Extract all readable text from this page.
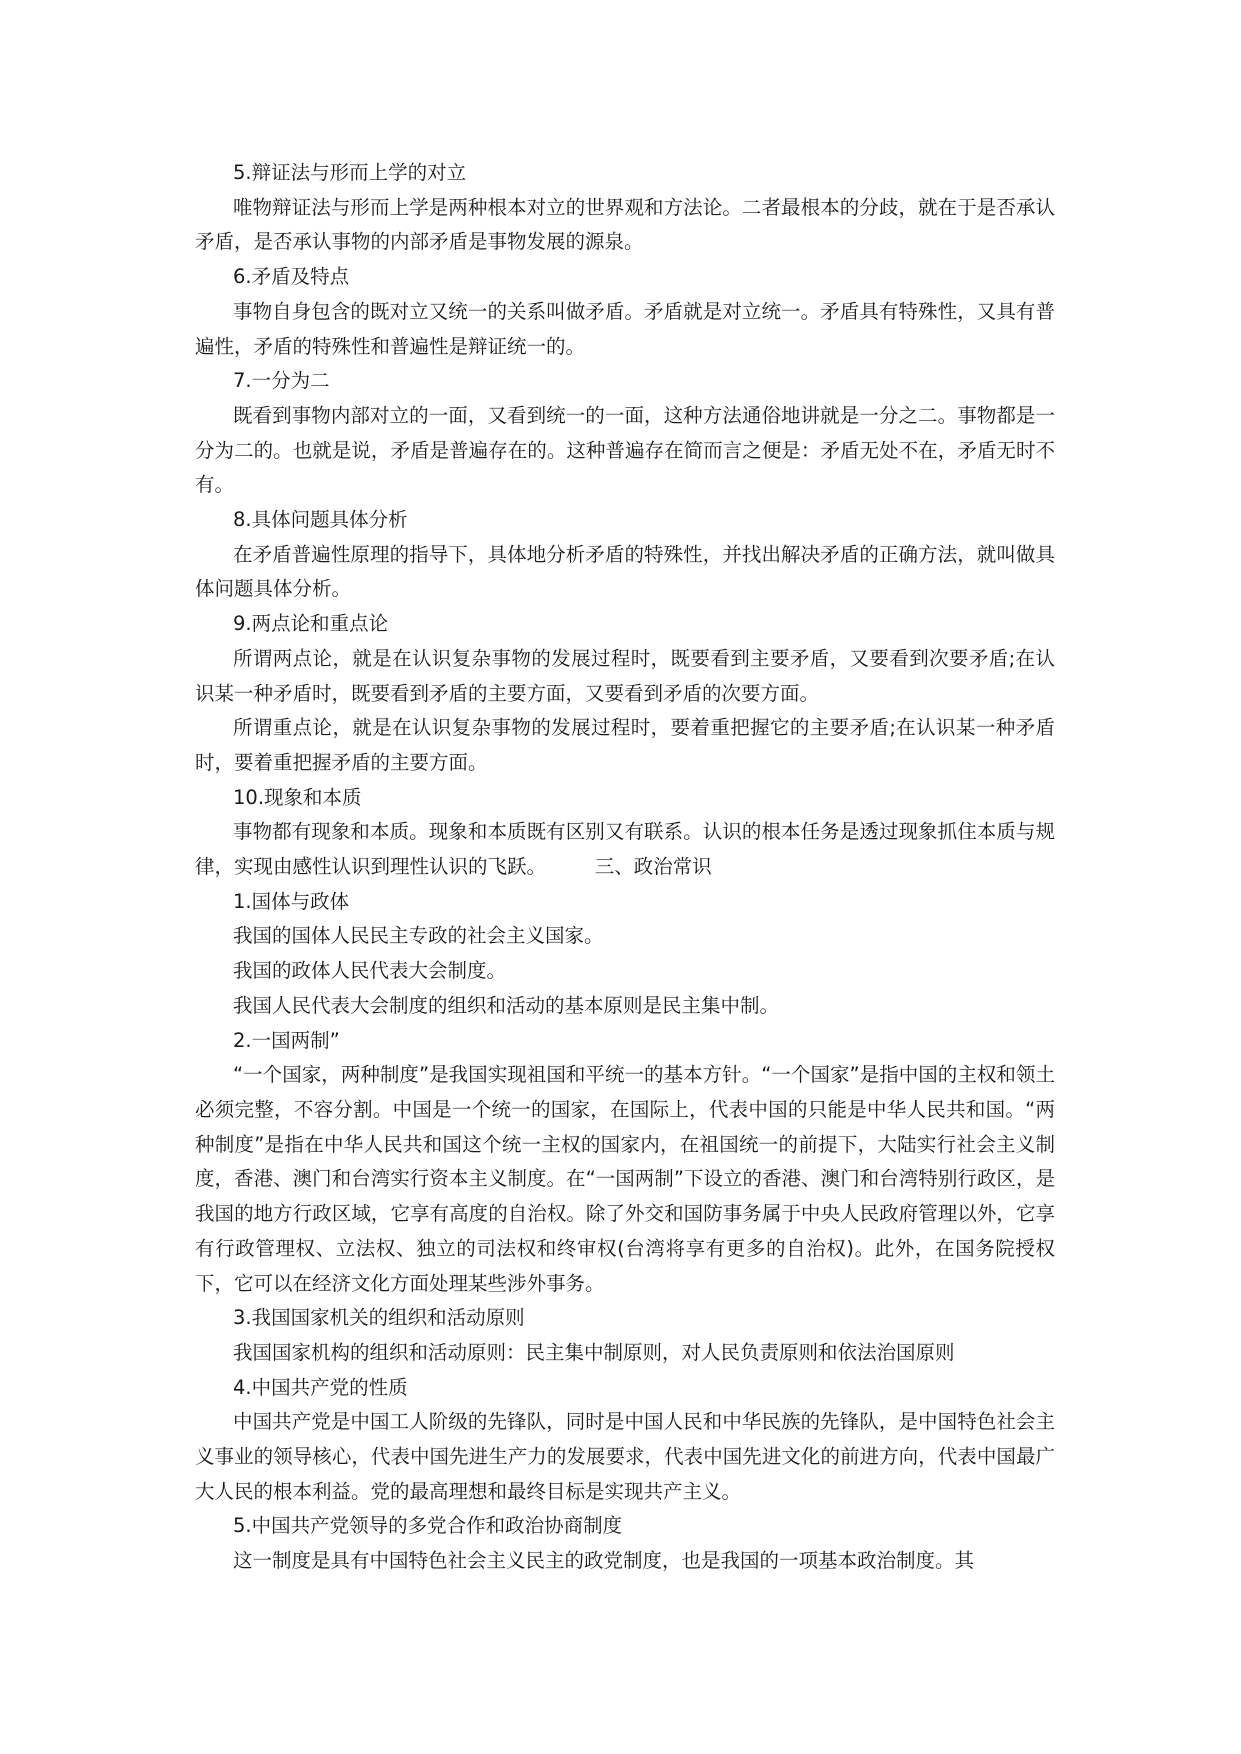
5.辩证法与形而上学的对立

唯物辩证法与形而上学是两种根本对立的世界观和方法论。二者最根本的分歧，就在于是否承认矛盾，是否承认事物的内部矛盾是事物发展的源泉。

6.矛盾及特点

事物自身包含的既对立又统一的关系叫做矛盾。矛盾就是对立统一。矛盾具有特殊性，又具有普遍性，矛盾的特殊性和普遍性是辩证统一的。

7.一分为二

既看到事物内部对立的一面，又看到统一的一面，这种方法通俗地讲就是一分之二。事物都是一分为二的。也就是说，矛盾是普遍存在的。这种普遍存在简而言之便是：矛盾无处不在，矛盾无时不有。

8.具体问题具体分析

在矛盾普遍性原理的指导下，具体地分析矛盾的特殊性，并找出解决矛盾的正确方法，就叫做具体问题具体分析。

9.两点论和重点论

所谓两点论，就是在认识复杂事物的发展过程时，既要看到主要矛盾，又要看到次要矛盾;在认识某一种矛盾时，既要看到矛盾的主要方面，又要看到矛盾的次要方面。

所谓重点论，就是在认识复杂事物的发展过程时，要着重把握它的主要矛盾;在认识某一种矛盾时，要着重把握矛盾的主要方面。

10.现象和本质

事物都有现象和本质。现象和本质既有区别又有联系。认识的根本任务是透过现象抓住本质与规律，实现由感性认识到理性认识的飞跃。　　　三、政治常识

1.国体与政体

我国的国体人民民主专政的社会主义国家。

我国的政体人民代表大会制度。

我国人民代表大会制度的组织和活动的基本原则是民主集中制。

2.一国两制”

“一个国家，两种制度”是我国实现祖国和平统一的基本方针。“一个国家”是指中国的主权和领土必须完整，不容分割。中国是一个统一的国家，在国际上，代表中国的只能是中华人民共和国。“两种制度”是指在中华人民共和国这个统一主权的国家内，在祖国统一的前提下，大陆实行社会主义制度，香港、澳门和台湾实行资本主义制度。在“一国两制”下设立的香港、澳门和台湾特别行政区，是我国的地方行政区域，它享有高度的自治权。除了外交和国防事务属于中央人民政府管理以外，它享有行政管理权、立法权、独立的司法权和终审权(台湾将享有更多的自治权)。此外，在国务院授权下，它可以在经济文化方面处理某些涉外事务。

3.我国国家机关的组织和活动原则

我国国家机构的组织和活动原则：民主集中制原则，对人民负责原则和依法治国原则

4.中国共产党的性质

中国共产党是中国工人阶级的先锋队，同时是中国人民和中华民族的先锋队，是中国特色社会主义事业的领导核心，代表中国先进生产力的发展要求，代表中国先进文化的前进方向，代表中国最广大人民的根本利益。党的最高理想和最终目标是实现共产主义。

5.中国共产党领导的多党合作和政治协商制度

这一制度是具有中国特色社会主义民主的政党制度，也是我国的一项基本政治制度。其
